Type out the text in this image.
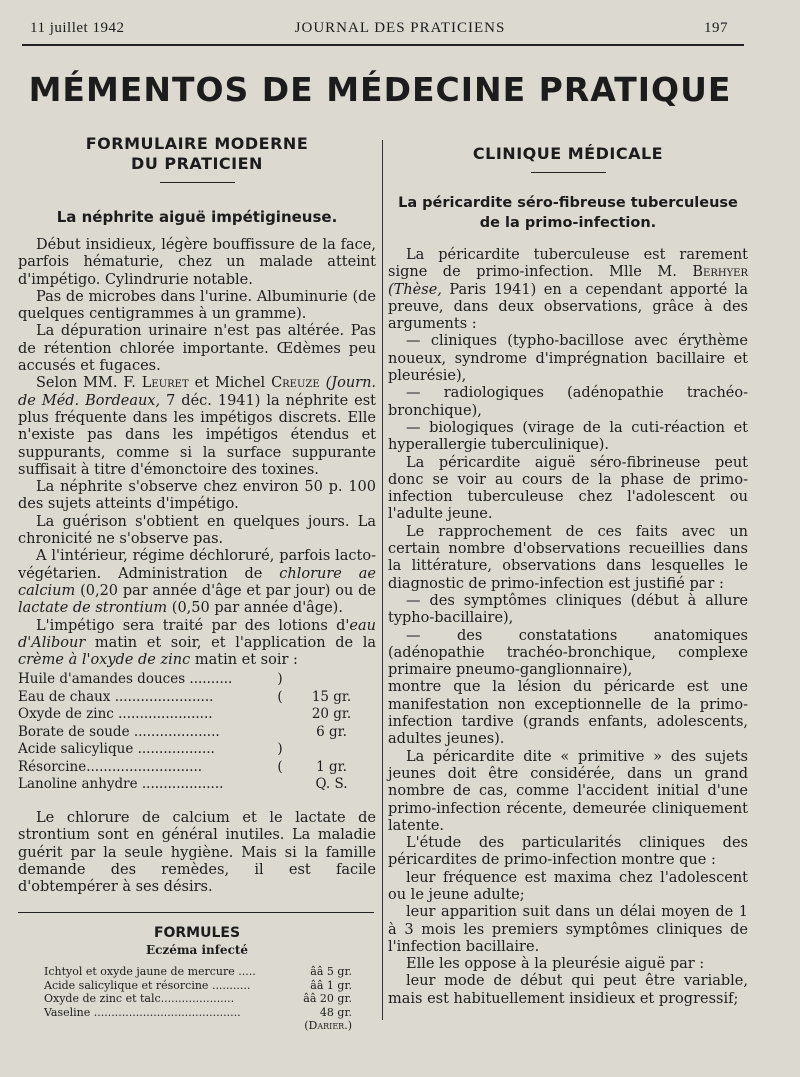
11 juillet 1942	JOURNAL DES PRATICIENS	197
MÉMENTOS DE MÉDECINE PRATIQUE
FORMULAIRE MODERNE
DU PRATICIEN
La néphrite aiguë impétigineuse.

Début insidieux, légère bouffissure de la face, parfois hématurie, chez un malade atteint d'impétigo. Cylindrurie notable.

Pas de microbes dans l'urine. Albuminurie (de quelques centigrammes à un gramme).

La dépuration urinaire n'est pas altérée. Pas de rétention chlorée importante. Œdèmes peu accusés et fugaces.

Selon MM. F. Leuret et Michel Creuze (Journ. de Méd. Bordeaux, 7 déc. 1941) la néphrite est plus fréquente dans les impétigos discrets. Elle n'existe pas dans les impétigos étendus et suppurants, comme si la surface suppurante suffisait à titre d'émonctoire des toxines.

La néphrite s'observe chez environ 50 p. 100 des sujets atteints d'impétigo.

La guérison s'obtient en quelques jours. La chronicité ne s'observe pas.

A l'intérieur, régime déchloruré, parfois lacto-végétarien. Administration de chlorure ae calcium (0,20 par année d'âge et par jour) ou de lactate de strontium (0,50 par année d'âge).

L'impétigo sera traité par des lotions d'eau d'Alibour matin et soir, et l'application de la crème à l'oxyde de zinc matin et soir :

Huile d'amandes douces ..........	)
Eau de chaux .......................	(	15 gr.
Oxyde de zinc ......................	20 gr.
Borate de soude ....................	6 gr.
Acide salicylique ..................	)
Résorcine...........................	(	1 gr.
Lanoline anhydre ...................	Q. S.

Le chlorure de calcium et le lactate de strontium sont en général inutiles. La maladie guérit par la seule hygiène. Mais si la famille demande des remèdes, il est facile d'obtempérer à ses désirs.

FORMULES
Eczéma infecté
Ichtyol et oxyde jaune de mercure .....	ââ 5 gr.
Acide salicylique et résorcine ...........	ââ 1 gr.
Oxyde de zinc et talc.....................	ââ 20 gr.
Vaseline ..........................................	48 gr.
(Darier.)
CLINIQUE MÉDICALE
La péricardite séro-fibreuse tuberculeuse de la primo-infection.

La péricardite tuberculeuse est rarement signe de primo-infection. Mlle M. Berhyer (Thèse, Paris 1941) en a cependant apporté la preuve, dans deux observations, grâce à des arguments :

— cliniques (typho-bacillose avec érythème noueux, syndrome d'imprégnation bacillaire et pleurésie),

— radiologiques (adénopathie trachéo-bronchique),

— biologiques (virage de la cuti-réaction et hyperallergie tuberculinique).

La péricardite aiguë séro-fibrineuse peut donc se voir au cours de la phase de primo-infection tuberculeuse chez l'adolescent ou l'adulte jeune.

Le rapprochement de ces faits avec un certain nombre d'observations recueillies dans la littérature, observations dans lesquelles le diagnostic de primo-infection est justifié par :

— des symptômes cliniques (début à allure typho-bacillaire),

— des constatations anatomiques (adénopathie trachéo-bronchique, complexe primaire pneumo-ganglionnaire),

montre que la lésion du péricarde est une manifestation non exceptionnelle de la primo-infection tardive (grands enfants, adolescents, adultes jeunes).

La péricardite dite « primitive » des sujets jeunes doit être considérée, dans un grand nombre de cas, comme l'accident initial d'une primo-infection récente, demeurée cliniquement latente.

L'étude des particularités cliniques des péricardites de primo-infection montre que :

leur fréquence est maxima chez l'adolescent ou le jeune adulte;

leur apparition suit dans un délai moyen de 1 à 3 mois les premiers symptômes cliniques de l'infection bacillaire.

Elle les oppose à la pleurésie aiguë par :

leur mode de début qui peut être variable, mais est habituellement insidieux et progressif;
